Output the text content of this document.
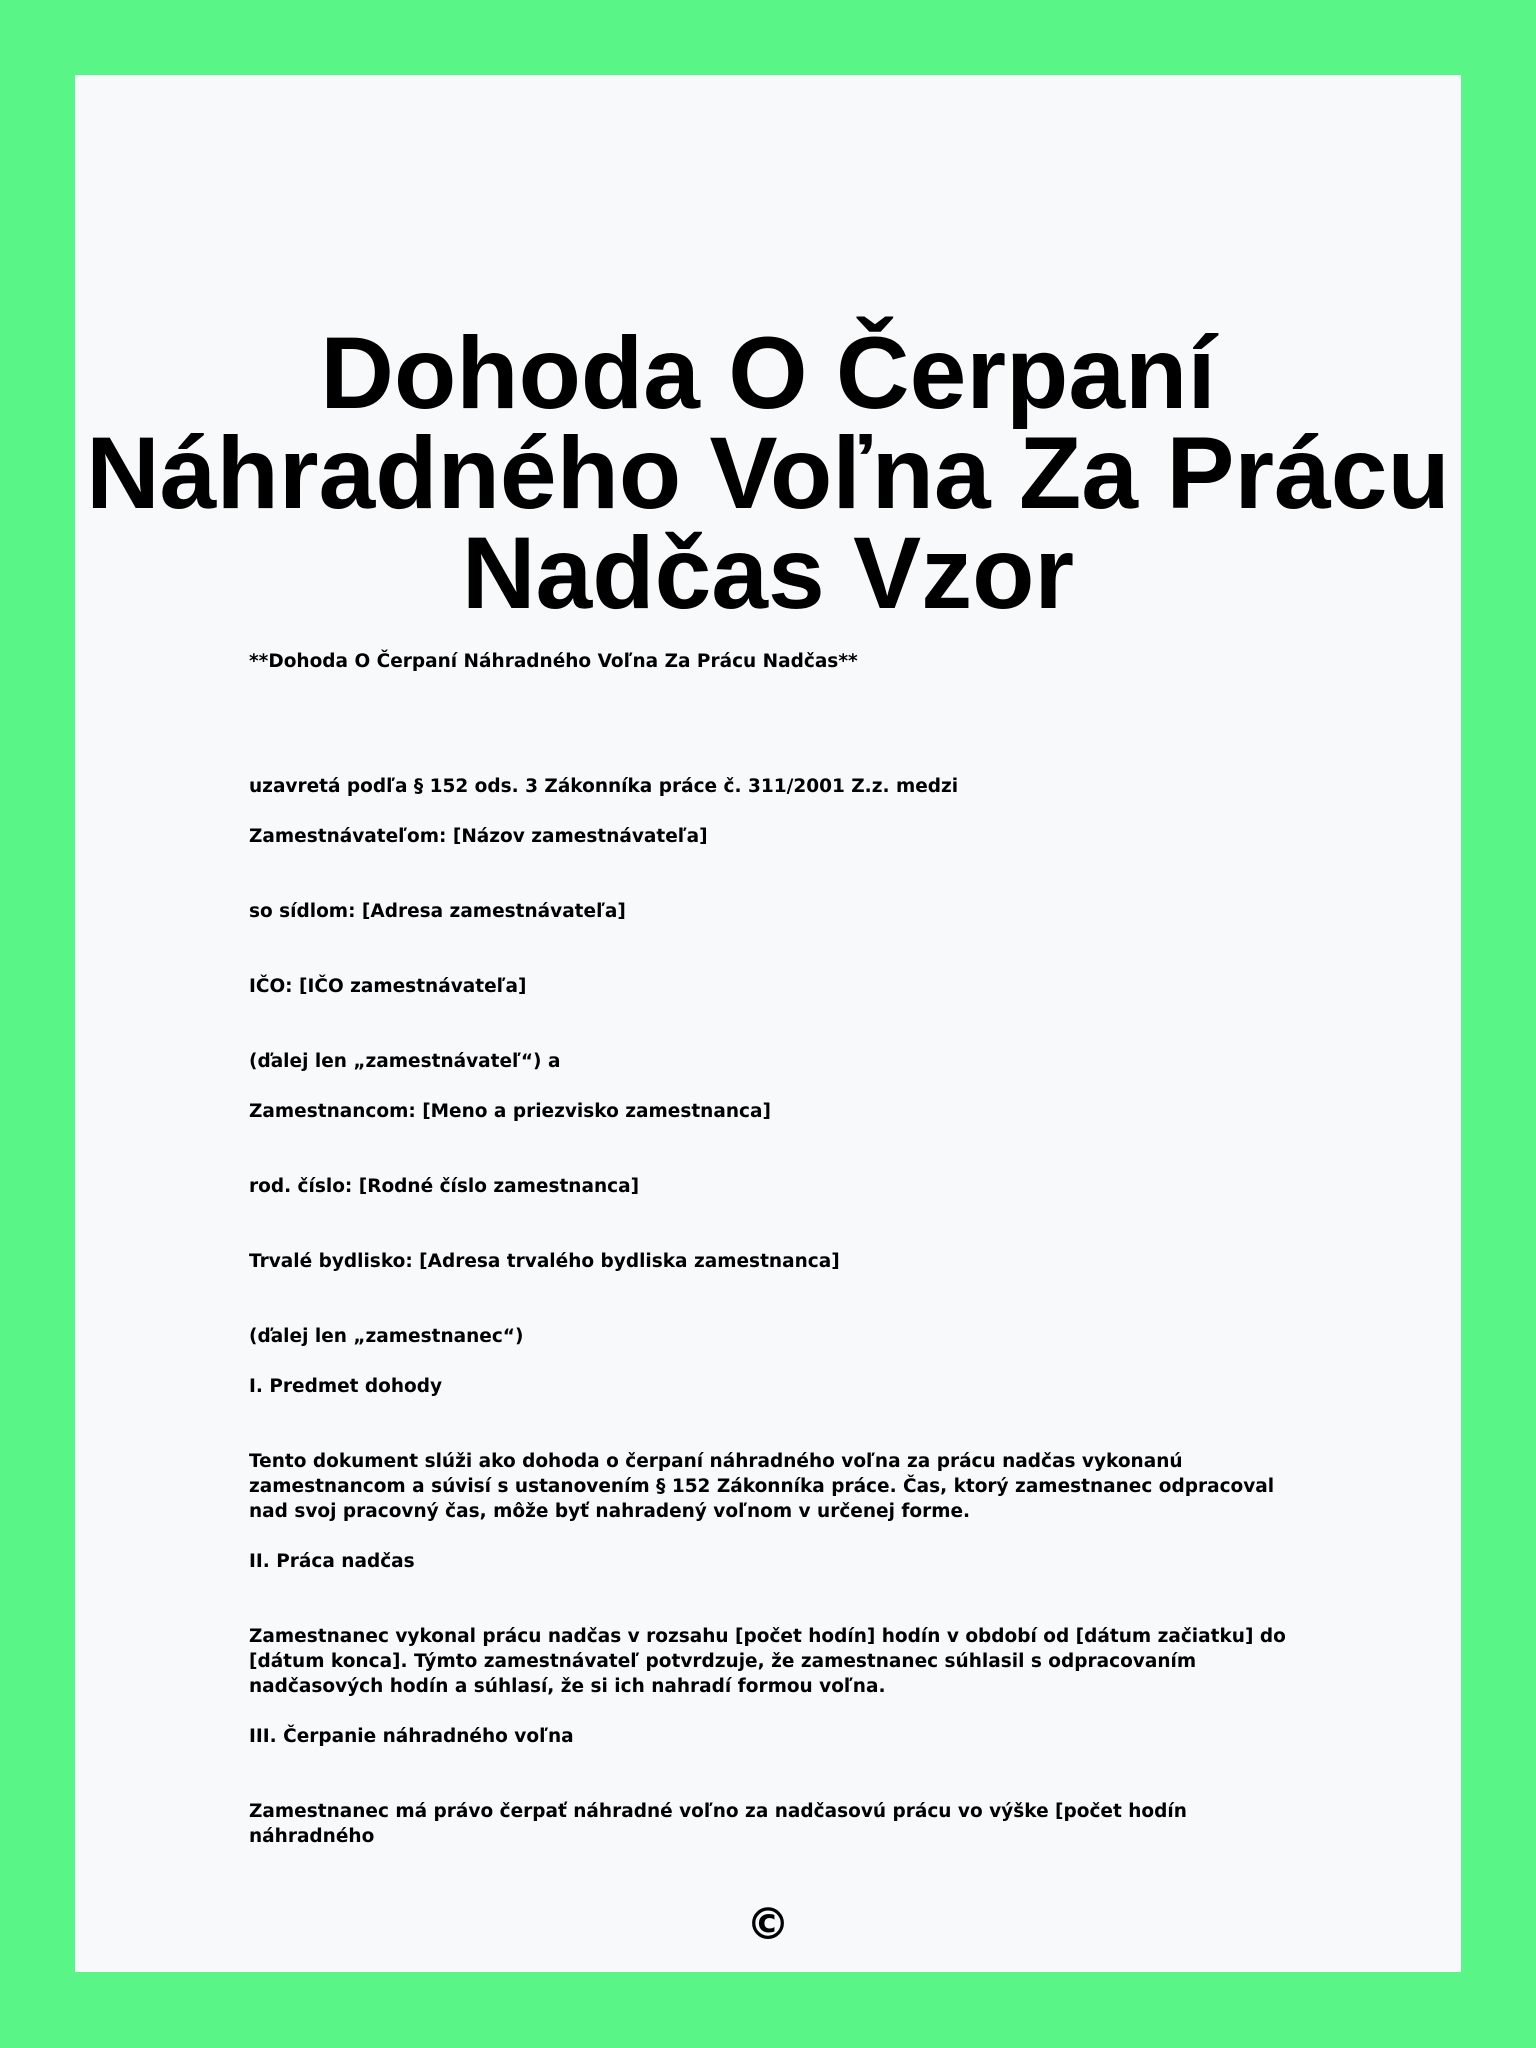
Dohoda O Čerpaní Náhradného Voľna Za Prácu Nadčas Vzor

**Dohoda O Čerpaní Náhradného Voľna Za Prácu Nadčas**

uzavretá podľa § 152 ods. 3 Zákonníka práce č. 311/2001 Z.z. medzi

Zamestnávateľom: [Názov zamestnávateľa]

so sídlom: [Adresa zamestnávateľa]

IČO: [IČO zamestnávateľa]

(ďalej len „zamestnávateľ“) a

Zamestnancom: [Meno a priezvisko zamestnanca]

rod. číslo: [Rodné číslo zamestnanca]

Trvalé bydlisko: [Adresa trvalého bydliska zamestnanca]

(ďalej len „zamestnanec“)

I. Predmet dohody

Tento dokument slúži ako dohoda o čerpaní náhradného voľna za prácu nadčas vykonanú zamestnancom a súvisí s ustanovením § 152 Zákonníka práce. Čas, ktorý zamestnanec odpracoval nad svoj pracovný čas, môže byť nahradený voľnom v určenej forme.

II. Práca nadčas

Zamestnanec vykonal prácu nadčas v rozsahu [počet hodín] hodín v období od [dátum začiatku] do [dátum konca]. Týmto zamestnávateľ potvrdzuje, že zamestnanec súhlasil s odpracovaním nadčasových hodín a súhlasí, že si ich nahradí formou voľna.

III. Čerpanie náhradného voľna

Zamestnanec má právo čerpať náhradné voľno za nadčasovú prácu vo výške [počet hodín náhradného

©
